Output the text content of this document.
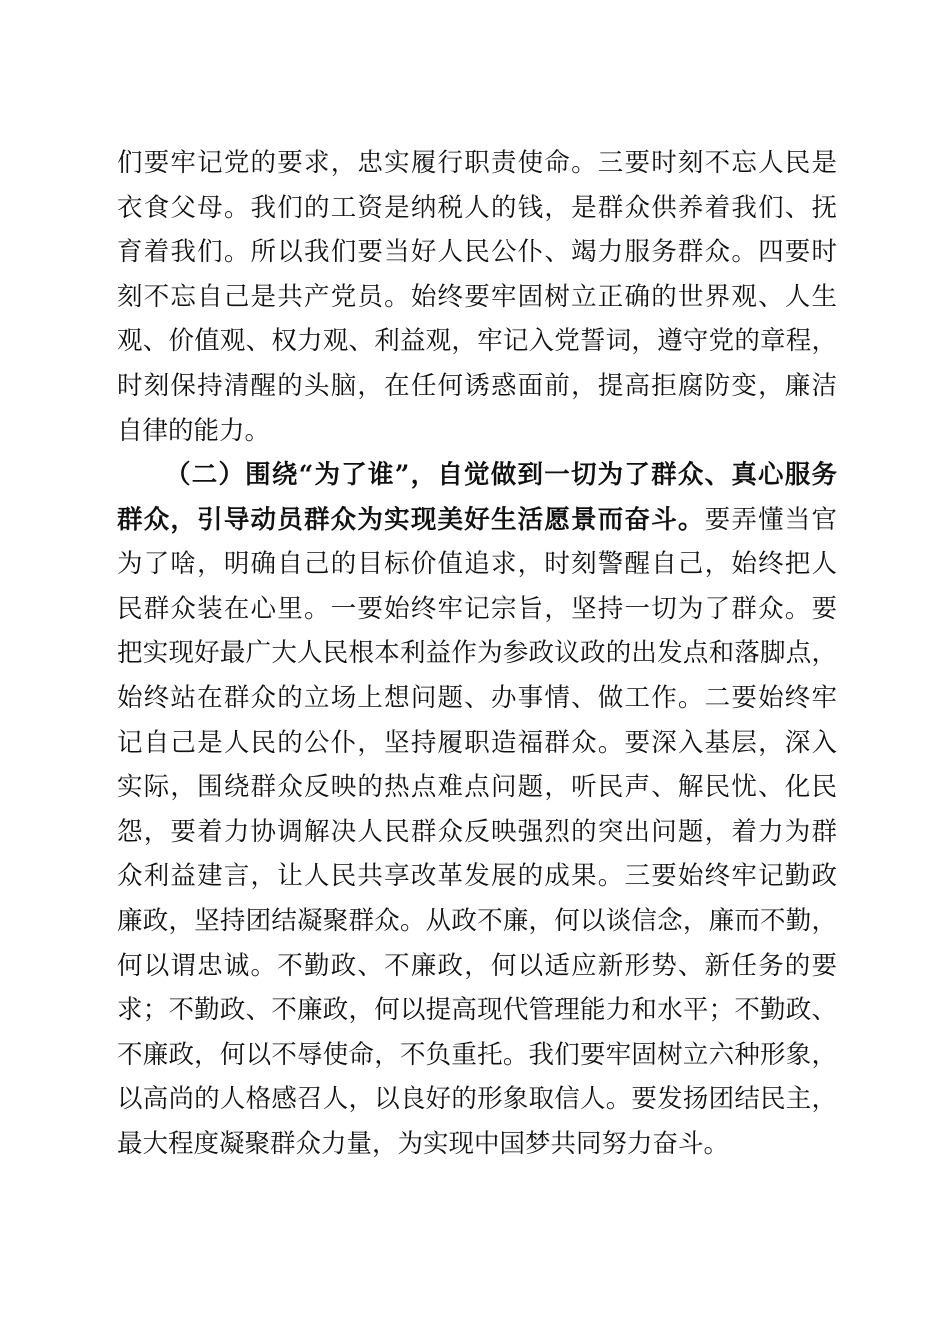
们要牢记党的要求，忠实履行职责使命。三要时刻不忘人民是
衣食父母。我们的工资是纳税人的钱，是群众供养着我们、抚
育着我们。所以我们要当好人民公仆、竭力服务群众。四要时
刻不忘自己是共产党员。始终要牢固树立正确的世界观、人生
观、价值观、权力观、利益观，牢记入党誓词，遵守党的章程，
时刻保持清醒的头脑，在任何诱惑面前，提高拒腐防变，廉洁
自律的能力。
（二）围绕“为了谁”，自觉做到一切为了群众、真心服务
群众，引导动员群众为实现美好生活愿景而奋斗。要弄懂当官
为了啥，明确自己的目标价值追求，时刻警醒自己，始终把人
民群众装在心里。一要始终牢记宗旨，坚持一切为了群众。要
把实现好最广大人民根本利益作为参政议政的出发点和落脚点，
始终站在群众的立场上想问题、办事情、做工作。二要始终牢
记自己是人民的公仆，坚持履职造福群众。要深入基层，深入
实际，围绕群众反映的热点难点问题，听民声、解民忧、化民
怨，要着力协调解决人民群众反映强烈的突出问题，着力为群
众利益建言，让人民共享改革发展的成果。三要始终牢记勤政
廉政，坚持团结凝聚群众。从政不廉，何以谈信念，廉而不勤，
何以谓忠诚。不勤政、不廉政，何以适应新形势、新任务的要
求；不勤政、不廉政，何以提高现代管理能力和水平；不勤政、
不廉政，何以不辱使命，不负重托。我们要牢固树立六种形象，
以高尚的人格感召人，以良好的形象取信人。要发扬团结民主，
最大程度凝聚群众力量，为实现中国梦共同努力奋斗。
